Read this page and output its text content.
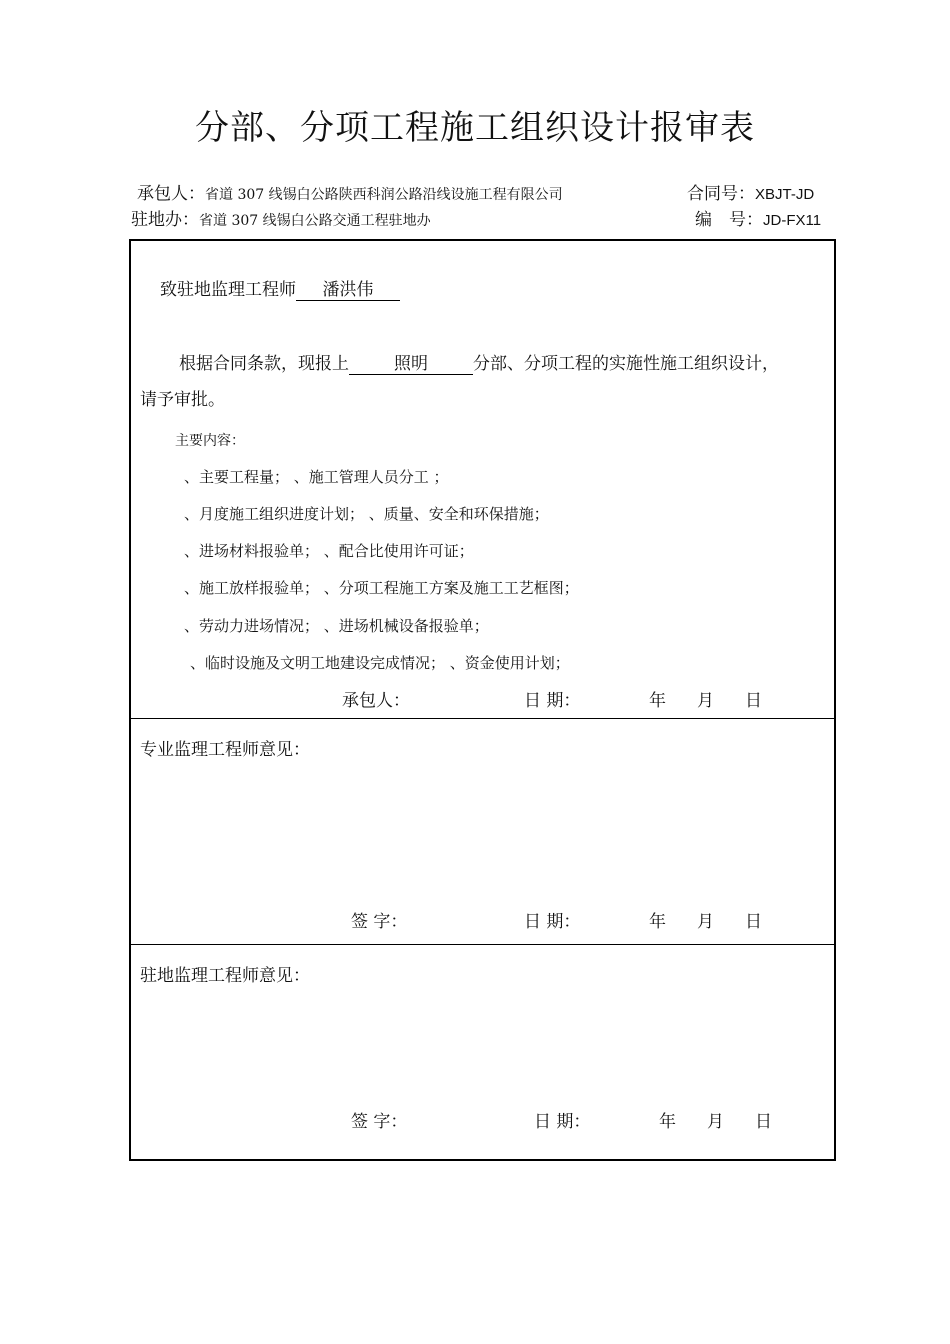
分部、分项工程施工组织设计报审表
承包人：省道 307 线锡白公路陕西科润公路沿线设施工程有限公司	合同号：XBJT-JD
驻地办：省道 307 线锡白公路交通工程驻地办	编　号：JD-FX11
致驻地监理工程师 潘洪伟
根据合同条款，现报上	照明	分部、分项工程的实施性施工组织设计，
请予审批。
主要内容：
、主要工程量； 、施工管理人员分工 ；
、月度施工组织进度计划； 、质量、安全和环保措施；
、进场材料报验单； 、配合比使用许可证；
、施工放样报验单； 、分项工程施工方案及施工工艺框图；
、劳动力进场情况； 、进场机械设备报验单；
、临时设施及文明工地建设完成情况； 、资金使用计划；
承包人：	日 期：	年 月 日
专业监理工程师意见：
签 字：	日 期：	年 月 日
驻地监理工程师意见：
签 字：	日 期：	年 月 日
